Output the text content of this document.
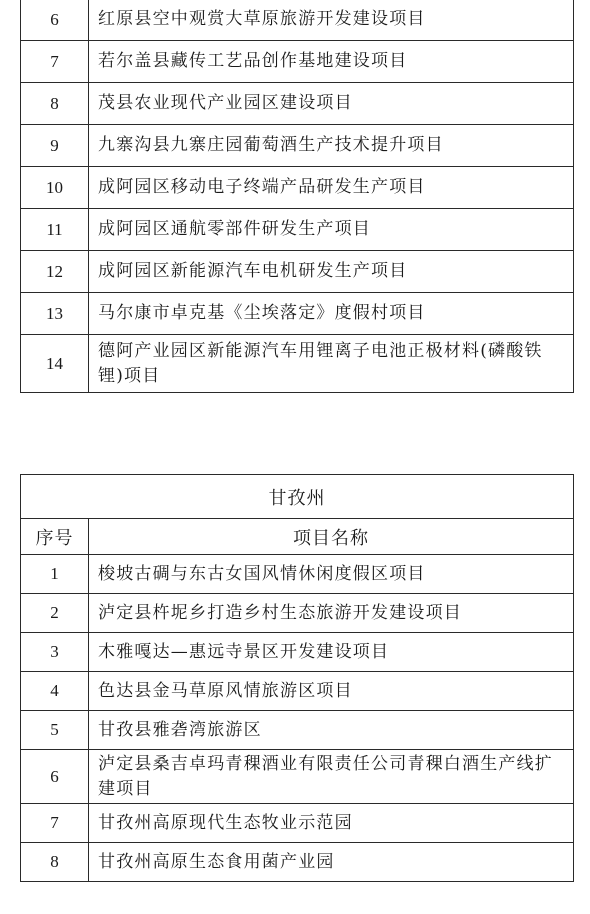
6	红原县空中观赏大草原旅游开发建设项目
7	若尔盖县藏传工艺品创作基地建设项目
8	茂县农业现代产业园区建设项目
9	九寨沟县九寨庄园葡萄酒生产技术提升项目
10	成阿园区移动电子终端产品研发生产项目
11	成阿园区通航零部件研发生产项目
12	成阿园区新能源汽车电机研发生产项目
13	马尔康市卓克基《尘埃落定》度假村项目
14	德阿产业园区新能源汽车用锂离子电池正极材料(磷酸铁锂)项目
甘孜州	
序号	项目名称
1	梭坡古碉与东古女国风情休闲度假区项目
2	泸定县杵坭乡打造乡村生态旅游开发建设项目
3	木雅嘎达—惠远寺景区开发建设项目
4	色达县金马草原风情旅游区项目
5	甘孜县雅砻湾旅游区
6	泸定县桑吉卓玛青稞酒业有限责任公司青稞白酒生产线扩建项目
7	甘孜州高原现代生态牧业示范园
8	甘孜州高原生态食用菌产业园
